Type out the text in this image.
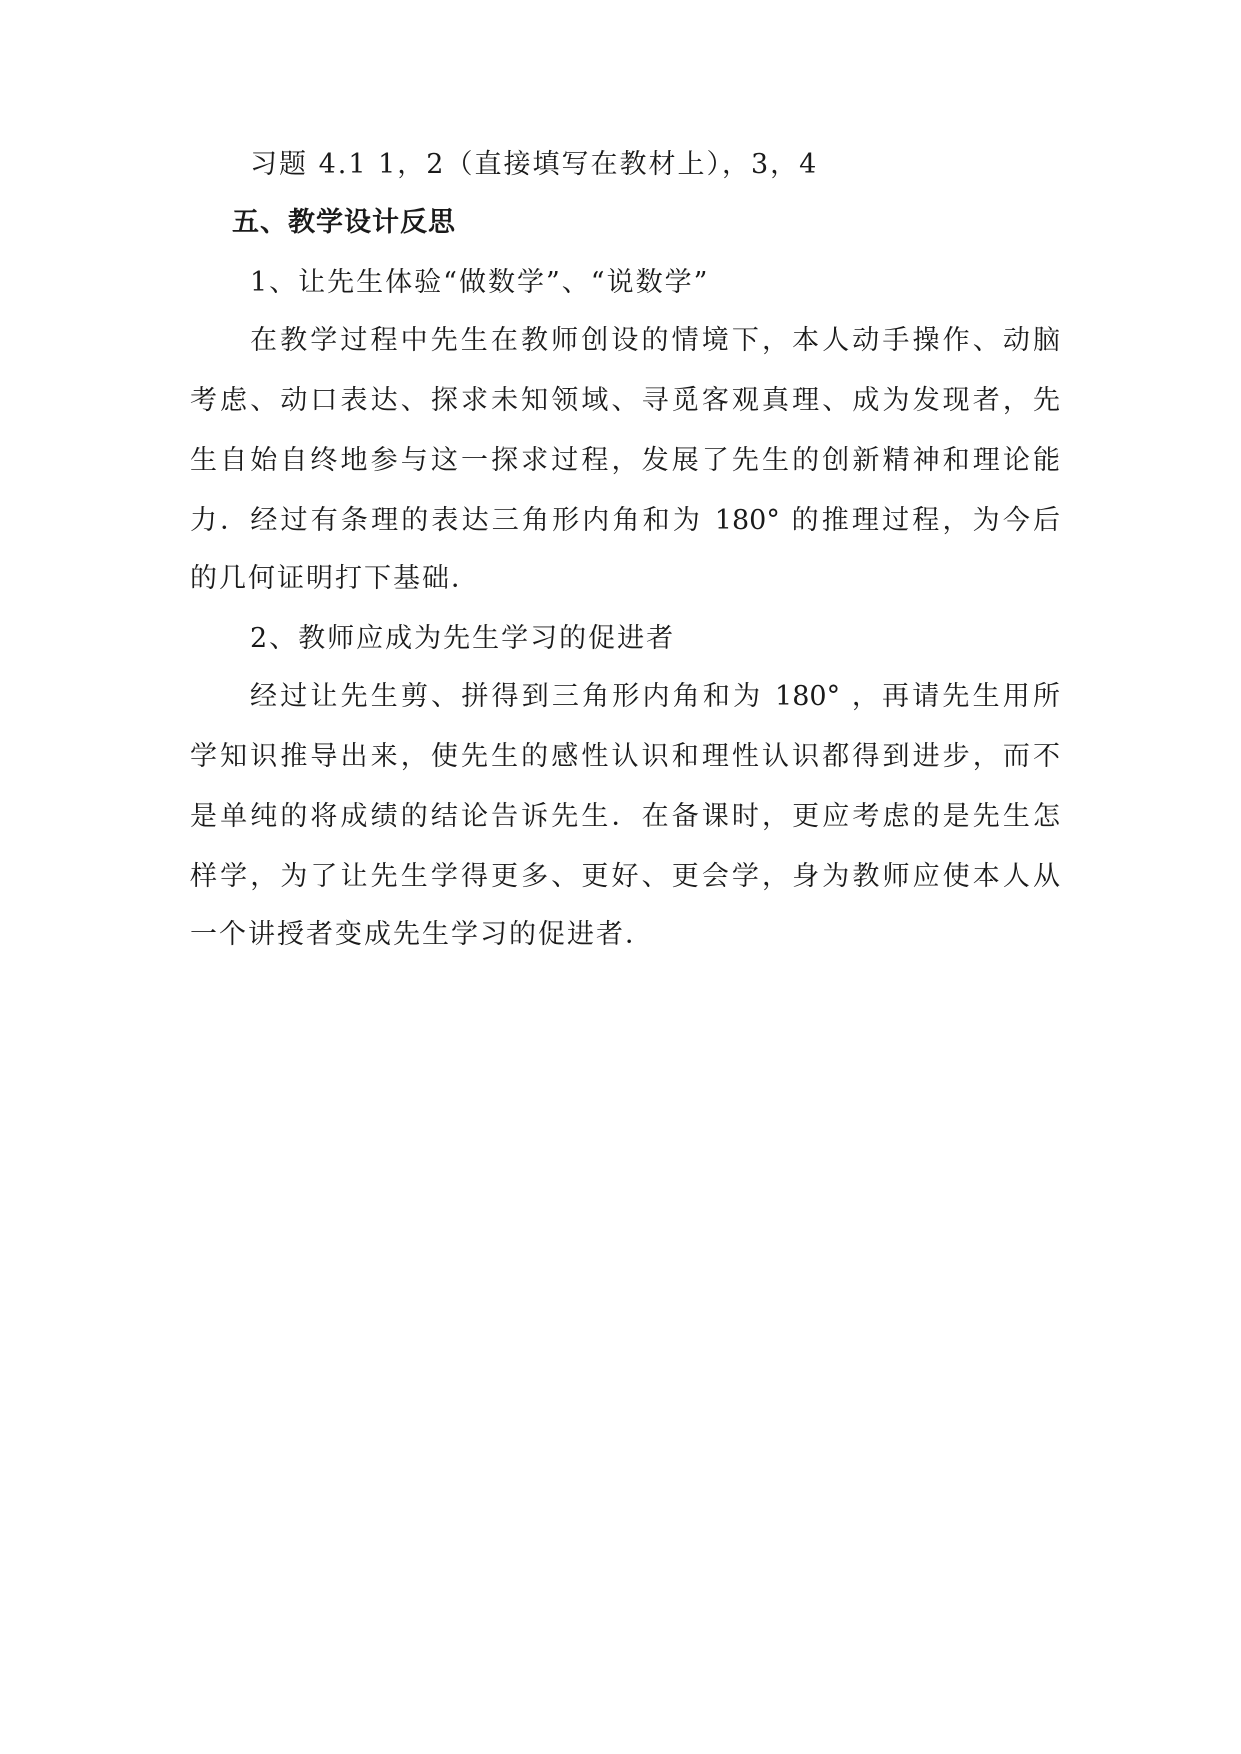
习题 4.1 1，2（直接填写在教材上），3，4
五、教学设计反思
1、让先生体验“做数学”、“说数学”
在教学过程中先生在教师创设的情境下，本人动手操作、动脑
考虑、动口表达、探求未知领域、寻觅客观真理、成为发现者，先
生自始自终地参与这一探求过程，发展了先生的创新精神和理论能
力．经过有条理的表达三角形内角和为 180° 的推理过程，为今后
的几何证明打下基础．
2、教师应成为先生学习的促进者
经过让先生剪、拼得到三角形内角和为 180° ，再请先生用所
学知识推导出来，使先生的感性认识和理性认识都得到进步，而不
是单纯的将成绩的结论告诉先生．在备课时，更应考虑的是先生怎
样学，为了让先生学得更多、更好、更会学，身为教师应使本人从
一个讲授者变成先生学习的促进者．
